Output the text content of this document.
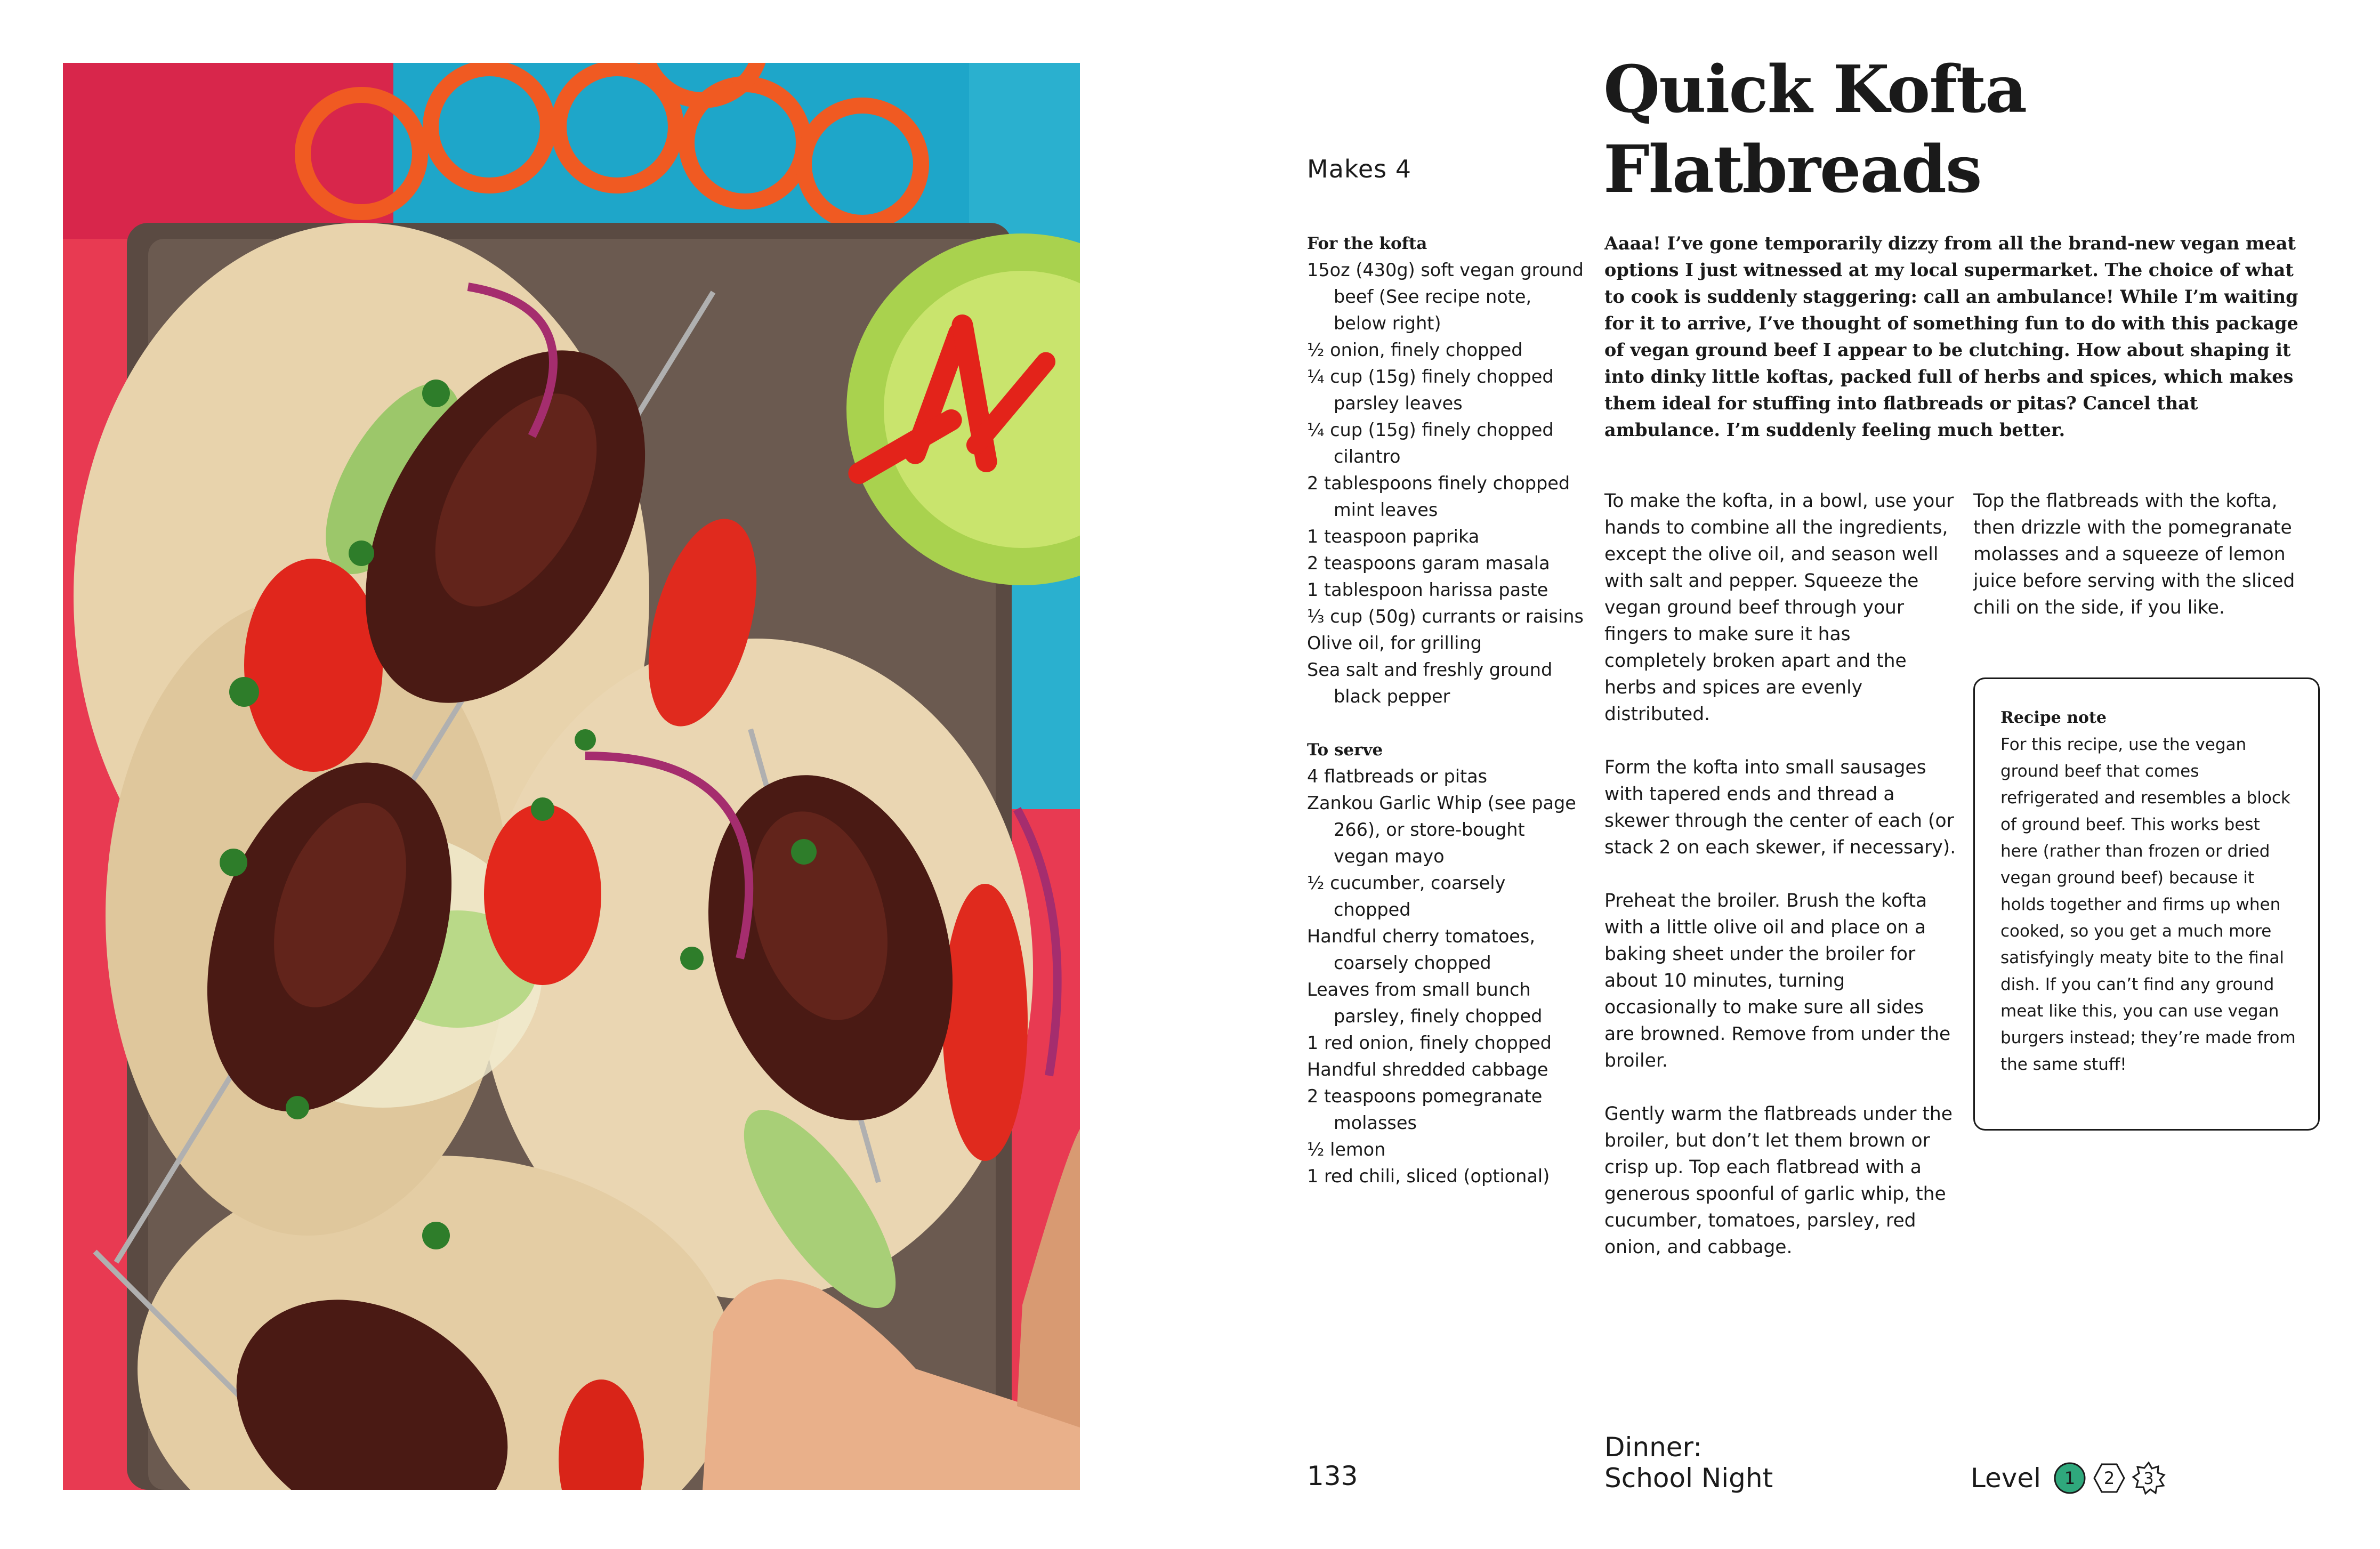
Makes 4
Quick Kofta
Flatbreads
For the kofta
15oz (430g) soft vegan ground beef (See recipe note, below right)
½ onion, finely chopped
¼ cup (15g) finely chopped parsley leaves
¼ cup (15g) finely chopped cilantro
2 tablespoons finely chopped mint leaves
1 teaspoon paprika
2 teaspoons garam masala
1 tablespoon harissa paste
⅓ cup (50g) currants or raisins
Olive oil, for grilling
Sea salt and freshly ground black pepper
To serve
4 flatbreads or pitas
Zankou Garlic Whip (see page 266), or store-bought vegan mayo
½ cucumber, coarsely chopped
Handful cherry tomatoes, coarsely chopped
Leaves from small bunch parsley, finely chopped
1 red onion, finely chopped
Handful shredded cabbage
2 teaspoons pomegranate molasses
½ lemon
1 red chili, sliced (optional)
Aaaa! I’ve gone temporarily dizzy from all the brand-new vegan meat options I just witnessed at my local supermarket. The choice of what to cook is suddenly staggering: call an ambulance! While I’m waiting for it to arrive, I’ve thought of something fun to do with this package of vegan ground beef I appear to be clutching. How about shaping it into dinky little koftas, packed full of herbs and spices, which makes them ideal for stuffing into flatbreads or pitas? Cancel that ambulance. I’m suddenly feeling much better.

To make the kofta, in a bowl, use your hands to combine all the ingredients, except the olive oil, and season well with salt and pepper. Squeeze the vegan ground beef through your fingers to make sure it has completely broken apart and the herbs and spices are evenly distributed.

Form the kofta into small sausages with tapered ends and thread a skewer through the center of each (or stack 2 on each skewer, if necessary).

Preheat the broiler. Brush the kofta with a little olive oil and place on a baking sheet under the broiler for about 10 minutes, turning occasionally to make sure all sides are browned. Remove from under the broiler.

Gently warm the flatbreads under the broiler, but don’t let them brown or crisp up. Top each flatbread with a generous spoonful of garlic whip, the cucumber, tomatoes, parsley, red onion, and cabbage.

Top the flatbreads with the kofta, then drizzle with the pomegranate molasses and a squeeze of lemon juice before serving with the sliced chili on the side, if you like.

Recipe note
For this recipe, use the vegan ground beef that comes refrigerated and resembles a block of ground beef. This works best here (rather than frozen or dried vegan ground beef) because it holds together and firms up when cooked, so you get a much more satisfyingly meaty bite to the final dish. If you can’t find any ground meat like this, you can use vegan burgers instead; they’re made from the same stuff!
133
Dinner:
School Night	Level 1 2 3
